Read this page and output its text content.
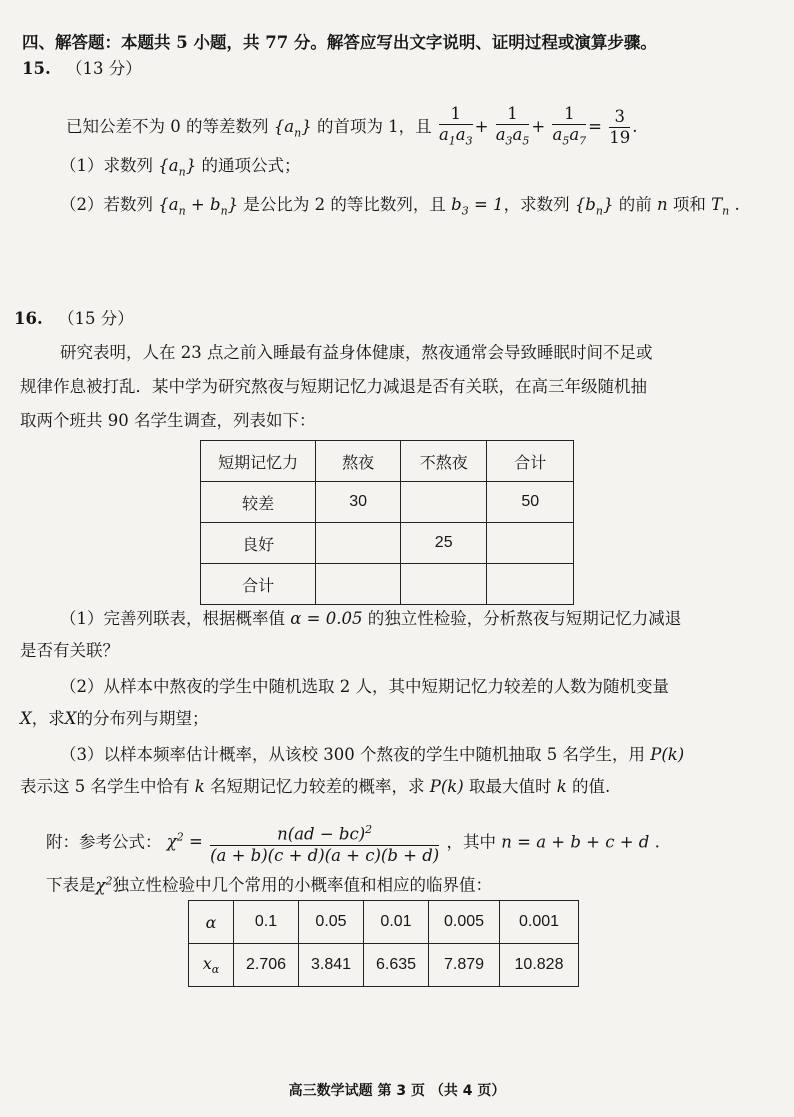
四、解答题：本题共 5 小题，共 77 分。解答应写出文字说明、证明过程或演算步骤。
15. （13 分）
已知公差不为 0 的等差数列 $\{a_n\}$ 的首项为 1，且 $\frac{1}{a_1a_3} + \frac{1}{a_3a_5} + \frac{1}{a_5a_7} = \frac{3}{19}$ .
（1）求数列 $\{a_n\}$ 的通项公式；
（2）若数列 $\{a_n + b_n\}$ 是公比为 2 的等比数列，且 $b_3 = 1$，求数列 $\{b_n\}$ 的前 n 项和 $T_n$ .
16. （15 分）
研究表明，人在 23 点之前入睡最有益身体健康，熬夜通常会导致睡眠时间不足或
规律作息被打乱．某中学为研究熬夜与短期记忆力减退是否有关联，在高三年级随机抽
取两个班共 90 名学生调查，列表如下：
短期记忆力	熬夜	不熬夜	合计
较差	30		50
良好		25	
合计			
（1）完善列联表，根据概率值 α = 0.05 的独立性检验，分析熬夜与短期记忆力减退
是否有关联？
（2）从样本中熬夜的学生中随机选取 2 人，其中短期记忆力较差的人数为随机变量
X，求X的分布列与期望；
（3）以样本频率估计概率，从该校 300 个熬夜的学生中随机抽取 5 名学生，用 P(k)
表示这 5 名学生中恰有 k 名短期记忆力较差的概率，求 P(k) 取最大值时 k 的值.
附：参考公式： $\chi^2 = \frac{n(ad - bc)^2}{(a + b)(c + d)(a + c)(b + d)}$ ，其中 n = a + b + c + d .
下表是$\chi^2$独立性检验中几个常用的小概率值和相应的临界值：
α	0.1	0.05	0.01	0.005	0.001
$x_\alpha$	2.706	3.841	6.635	7.879	10.828
高三数学试题 第 3 页 （共 4 页）
